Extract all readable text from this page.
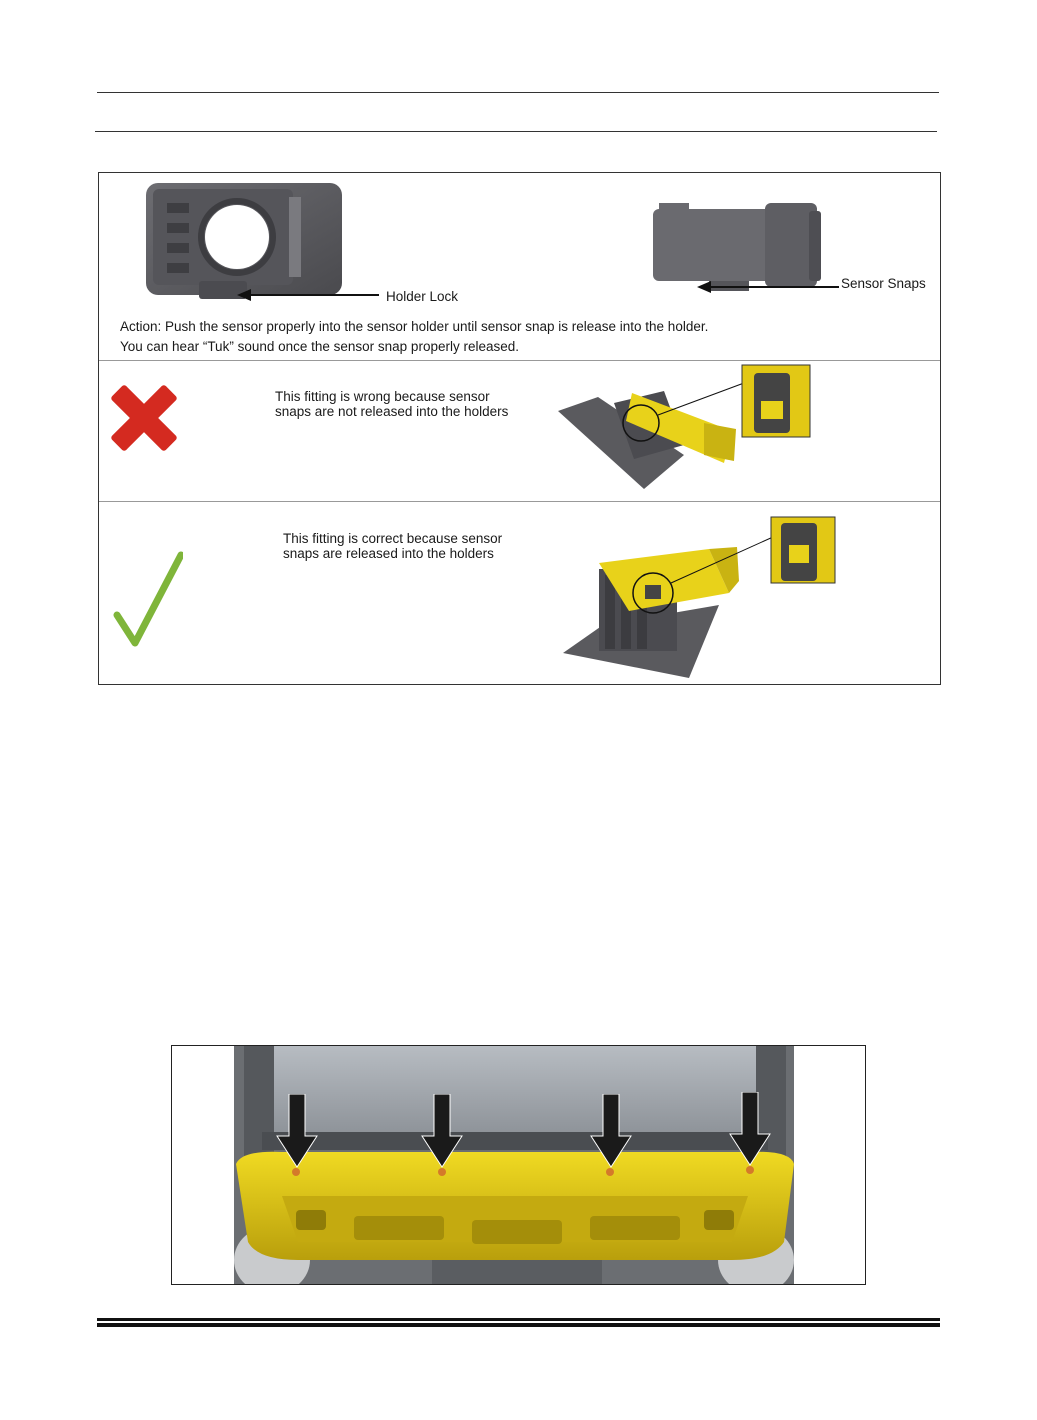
Holder Lock
Sensor Snaps
Action: Push the sensor properly into the sensor holder until sensor snap is release into the holder.
You can hear “Tuk” sound once the sensor snap properly released.
This fitting is wrong because sensor
snaps are not released into the holders
This fitting is correct because sensor
snaps are released into the holders
